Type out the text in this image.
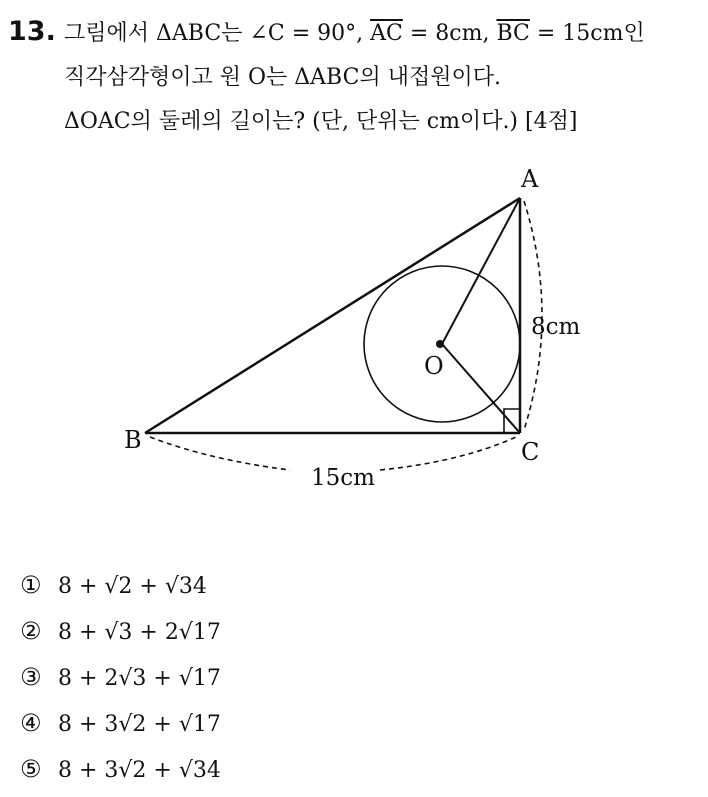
13. 그림에서 ΔABC는 ∠C = 90°, $\overline{AC} = 8cm$, $\overline{BC} = 15cm$인
직각삼각형이고 원 O는 ΔABC의 내접원이다.
ΔOAC의 둘레의 길이는? (단, 단위는 cm이다.) [4점]
A
B	C
O
8cm
15cm
① 8 + √2 + √34
② 8 + √3 + 2√17
③ 8 + 2√3 + √17
④ 8 + 3√2 + √17
⑤ 8 + 3√2 + √34
